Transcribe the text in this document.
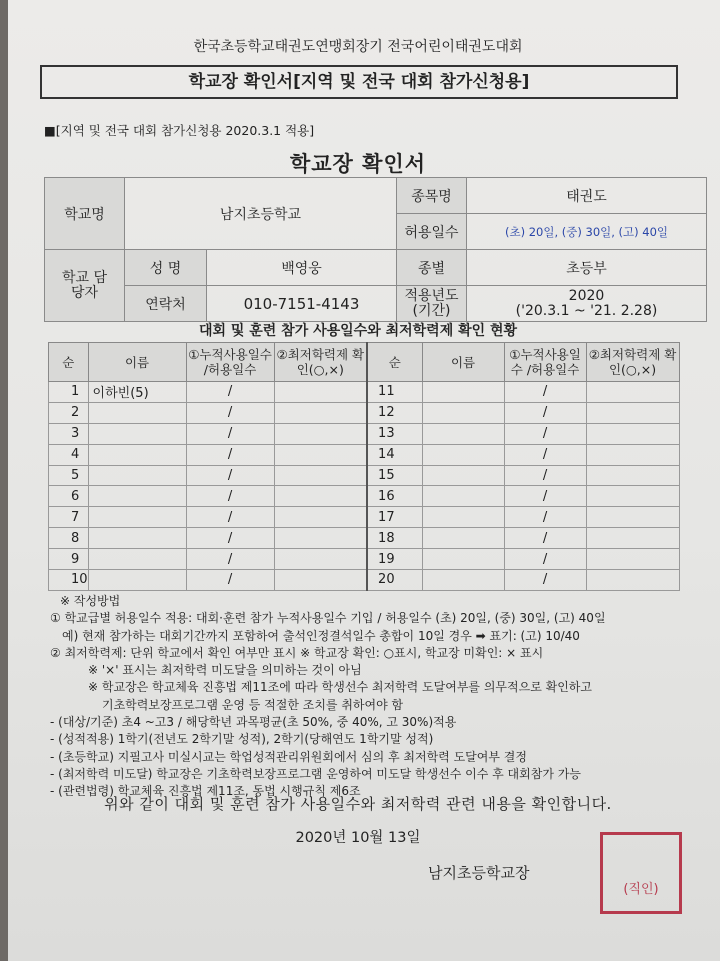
한국초등학교태권도연맹회장기 전국어린이태권도대회
학교장 확인서[지역 및 전국 대회 참가신청용]
■[지역 및 전국 대회 참가신청용 2020.3.1 적용]
학교장 확인서
학교명	남지초등학교		종목명	태권도
			허용일수	(초) 20일, (중) 30일, (고) 40일
학교 담당자	성 명	백영웅	종별	초등부
	연락처	010-7151-4143	적용년도 (기간)	2020
('20.3.1 ~ '21. 2.28)
대회 및 훈련 참가 사용일수와 최저학력제 확인 현황
순	이름	①누적사용일수 /허용일수	②최저학력제 확인(○,×)	순	이름	①누적사용일수 /허용일수	②최저학력제 확인(○,×)
1	이하빈(5)	/		11		/	
2		/		12		/	
3		/		13		/	
4		/		14		/	
5		/		15		/	
6		/		16		/	
7		/		17		/	
8		/		18		/	
9		/		19		/	
10		/		20		/	
※ 작성방법
① 학교급별 허용일수 적용: 대회·훈련 참가 누적사용일수 기입 / 허용일수 (초) 20일, (중) 30일, (고) 40일
예) 현재 참가하는 대회기간까지 포함하여 출석인정결석일수 총합이 10일 경우 ➡ 표기: (고) 10/40
② 최저학력제: 단위 학교에서 확인 여부만 표시 ※ 학교장 확인: ○표시, 학교장 미확인: × 표시
※ '×' 표시는 최저학력 미도달을 의미하는 것이 아님
※ 학교장은 학교체육 진흥법 제11조에 따라 학생선수 최저학력 도달여부를 의무적으로 확인하고
기초학력보장프로그램 운영 등 적절한 조치를 취하여야 함
- (대상/기준) 초4 ~고3 / 해당학년 과목평균(초 50%, 중 40%, 고 30%)적용
- (성적적용) 1학기(전년도 2학기말 성적), 2학기(당해연도 1학기말 성적)
- (초등학교) 지필고사 미실시교는 학업성적관리위원회에서 심의 후 최저학력 도달여부 결정
- (최저학력 미도달) 학교장은 기초학력보장프로그램 운영하여 미도달 학생선수 이수 후 대회참가 가능
- (관련법령) 학교체육 진흥법 제11조, 동법 시행규칙 제6조
위와 같이 대회 및 훈련 참가 사용일수와 최저학력 관련 내용을 확인합니다.
2020년 10월 13일
남지초등학교장
(직인)
